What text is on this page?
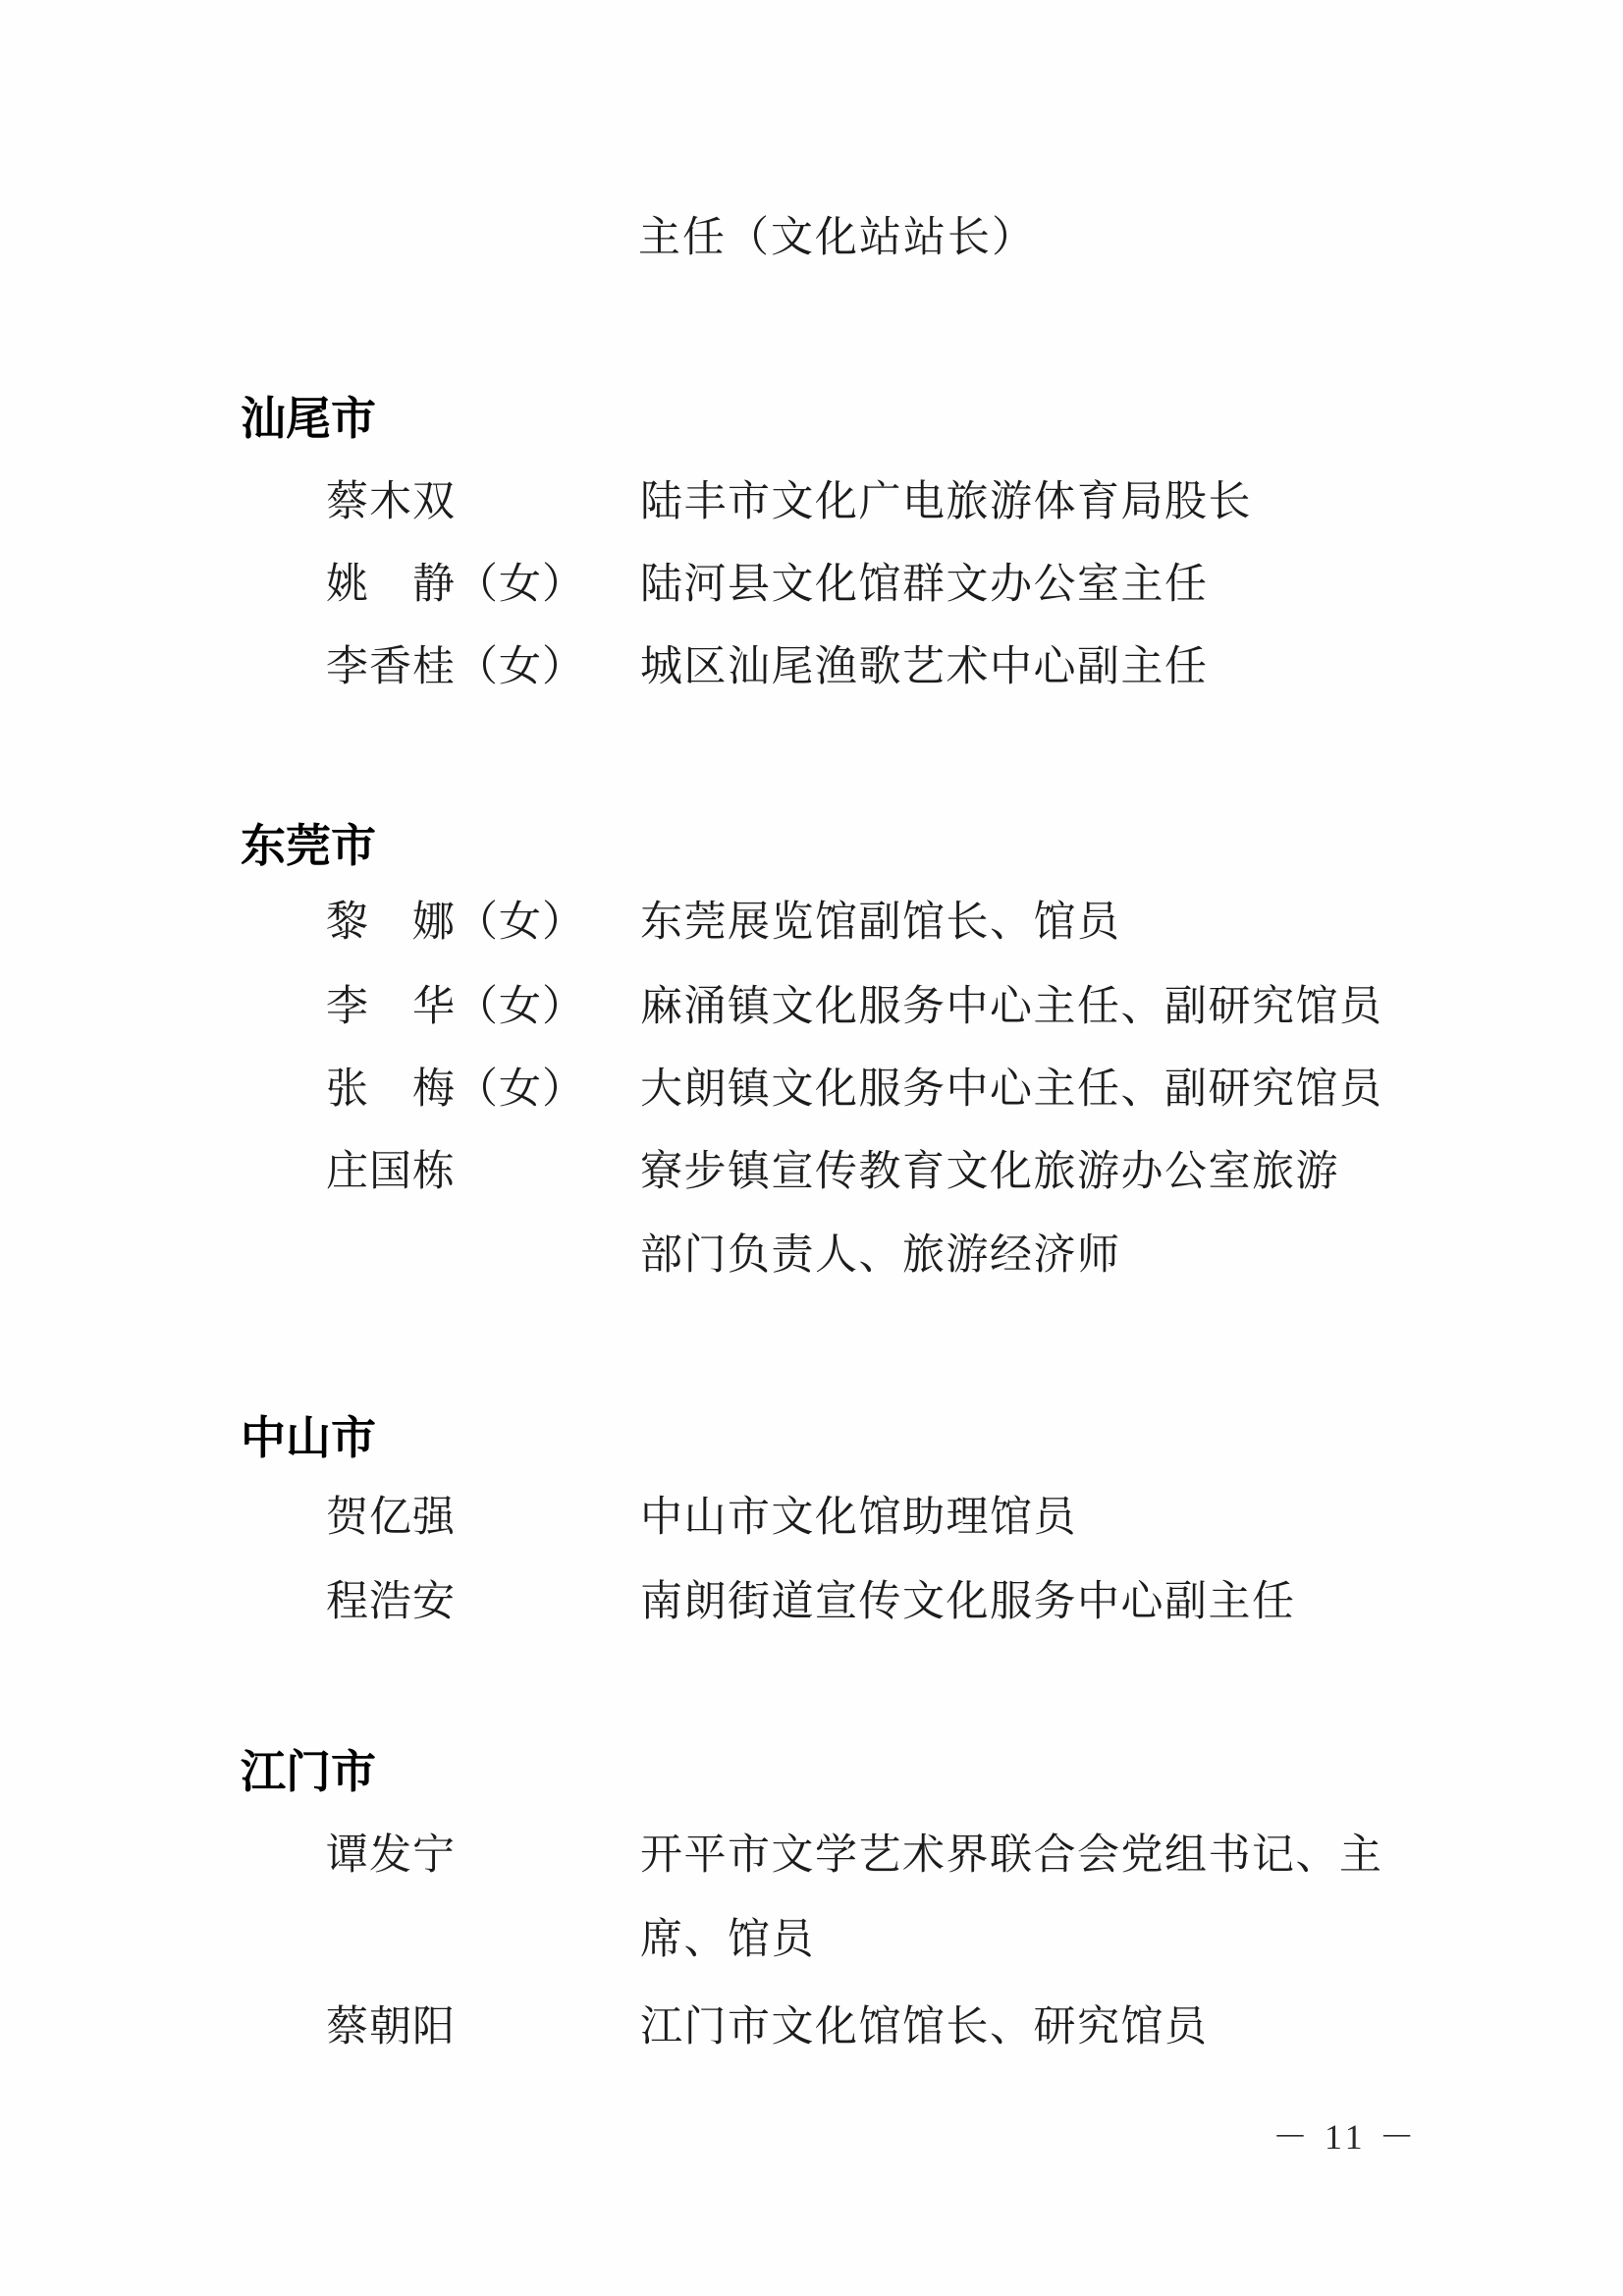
主任（文化站站长）
汕尾市
蔡木双	陆丰市文化广电旅游体育局股长
姚　静（女） 陆河县文化馆群文办公室主任
李香桂（女） 城区汕尾渔歌艺术中心副主任
东莞市
黎　娜（女） 东莞展览馆副馆长、馆员
李　华（女） 麻涌镇文化服务中心主任、副研究馆员
张　梅（女） 大朗镇文化服务中心主任、副研究馆员
庄国栋	寮步镇宣传教育文化旅游办公室旅游
部门负责人、旅游经济师
中山市
贺亿强	中山市文化馆助理馆员
程浩安	南朗街道宣传文化服务中心副主任
江门市
谭发宁	开平市文学艺术界联合会党组书记、主
席、馆员
蔡朝阳	江门市文化馆馆长、研究馆员
－ 11 －
